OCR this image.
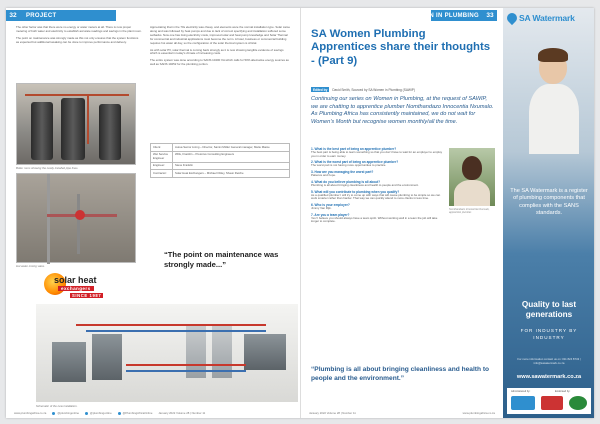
32	PROJECT

The other factor was that there were no energy or water meters at all. There is now proper metering of both water and electricity to establish accurate readings and savings in the plant room.

The point on maintenance was strongly made as this not only ensures that the system functions as expected but additional tweaking can be done to improve performance and delivery.

Appreciating that in the 70s electricity was cheap, and elements were the normal installation type. Solar came along and was followed by heat pumps and due to lack of correct specifying and installation suffered some setbacks. Now one has rising electricity costs, improved solar and heat pump knowledge and Solar Thermal for commercial and industrial applications must become the norm. A hotel, business or commercial building requires hot water all day, so the configuration of the solar thermal system is critical.

As with solar PV, solar thermal is coming back strongly as it is now showing tangible evidence of savings which is essential in today's climate of increasing costs.

The entire system was done according to SANS 10400 XA which calls for 50% alternative energy sources as well as SANS 10252 for the plumbing portion.

Boiler room showing the newly installed pipe lines.
Client:	Aurea Senior Living – Director, Samin Müller General manager, Marie Marée
Wet Service Engineer	Wills, Franklin – Pretorius Consulting Engineers
Engineer:	Steve Franklin
Contractor:	Solar Heat Exchangers – Michael Ottley, Shaun Reiche
Hot water mixing valve.
“The point on maintenance was strongly made...”
solar heat
exchangers
SINCE 1987
Schematic of the new installation.
www.plumbingafrica.co.za	@plumbingonline	@plumbingonline	@PlumbingAfricaOnline January 2022 Volume 28 | Number 11
WOMAN IN PLUMBING	33
SA Women Plumbing Apprentices share their thoughts - (Part 9)
Edited by	David Smith, Sourced by SA Women in Plumbing (SAWIP)
Continuing our series on Women in Plumbing, at the request of SAWIP, we are chatting to apprentice plumber Nomthandazo Innocentia Nxumalo. As Plumbing Africa has consistently maintained, we do not wait for Women’s Month but recognise women monthly/all the time.
1. What is the best part of being an apprentice plumber?
The best part is being able to learn something so that you don't have to wait for an employer to employ you in order to earn money.
2. What is the worst part of being an apprentice plumber?
The worst part is not having more opportunities to practice.
3. How are you managing the worst part?
Patience and hope.
4. What do you believe plumbing is all about?
Plumbing is all about bringing cleanliness and health to people and the environment.
5. What will you contribute to plumbing when you qualify?
As a qualified plumber I will try to come up with ways that will cause plumbing to be simple so we can work smarter rather than harder. That way we can quickly attend to more clients in less time.
6. Who is your employer?
Jimmy Van Rijk.
7. Are you a team player?
Yes! I believe you should always have a team spirit. Without working well in a team the job will take longer to complete.
Nomthandazo Innocentia Nxumalo, apprentice plumber.
“Plumbing is all about bringing cleanliness and health to people and the environment.”
January 2022 Volume 28 | Number 11	www.plumbingafrica.co.za
SA Watermark
The SA Watermark is a register of plumbing components that complies with the SANS standards.
Quality to last generations
FOR INDUSTRY BY INDUSTRY
For more information contact us on: 011 824 8743 | info@sawatermark.co.za
www.sawatermark.co.za
Administered by:	Endorsed by:
